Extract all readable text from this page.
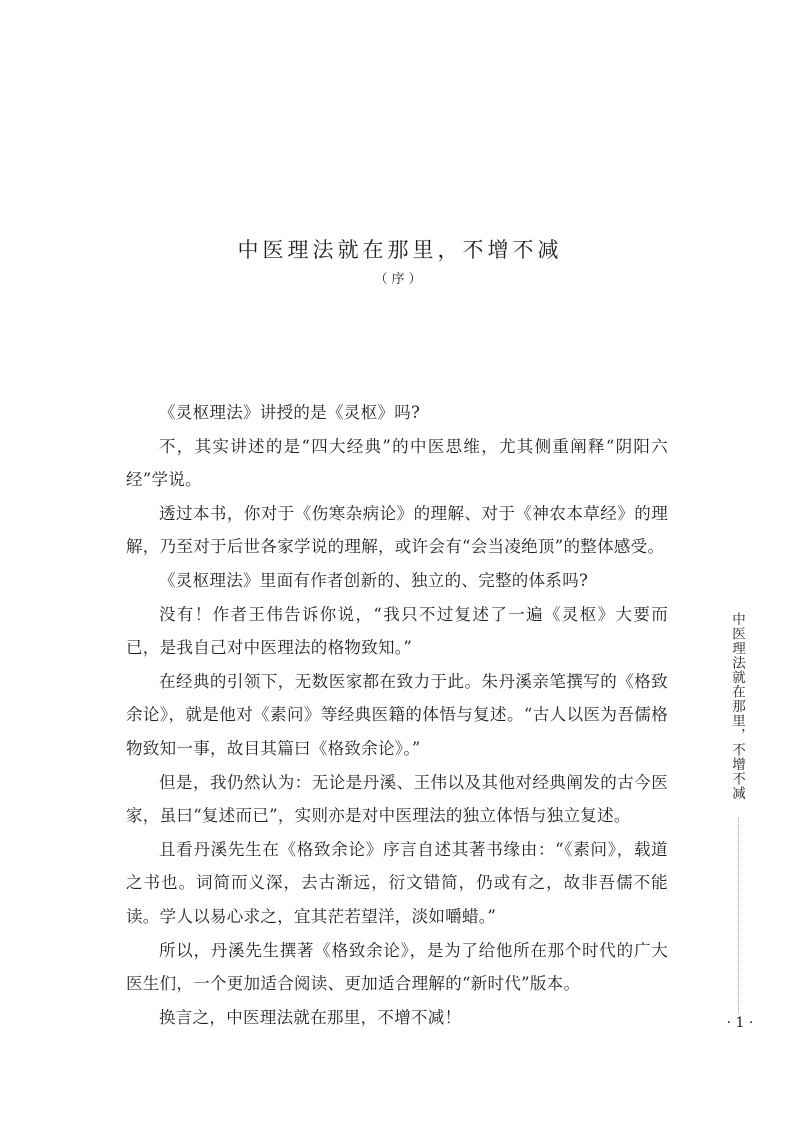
中医理法就在那里，不增不减
（序）

《灵枢理法》讲授的是《灵枢》吗?

不，其实讲述的是“四大经典”的中医思维，尤其侧重阐释“阴阳六经”学说。

透过本书，你对于《伤寒杂病论》的理解、对于《神农本草经》的理解，乃至对于后世各家学说的理解，或许会有“会当凌绝顶”的整体感受。

《灵枢理法》里面有作者创新的、独立的、完整的体系吗?

没有！作者王伟告诉你说，“我只不过复述了一遍《灵枢》大要而已，是我自己对中医理法的格物致知。”

在经典的引领下，无数医家都在致力于此。朱丹溪亲笔撰写的《格致余论》，就是他对《素问》等经典医籍的体悟与复述。“古人以医为吾儒格物致知一事，故目其篇曰《格致余论》。”

但是，我仍然认为：无论是丹溪、王伟以及其他对经典阐发的古今医家，虽曰“复述而已”，实则亦是对中医理法的独立体悟与独立复述。

且看丹溪先生在《格致余论》序言自述其著书缘由：“《素问》，载道之书也。词简而义深，去古渐远，衍文错简，仍或有之，故非吾儒不能读。学人以易心求之，宜其茫若望洋，淡如嚼蜡。”

所以，丹溪先生撰著《格致余论》，是为了给他所在那个时代的广大医生们，一个更加适合阅读、更加适合理解的“新时代”版本。

换言之，中医理法就在那里，不增不减！

中医理法就在那里，不增不减
· 1 ·
